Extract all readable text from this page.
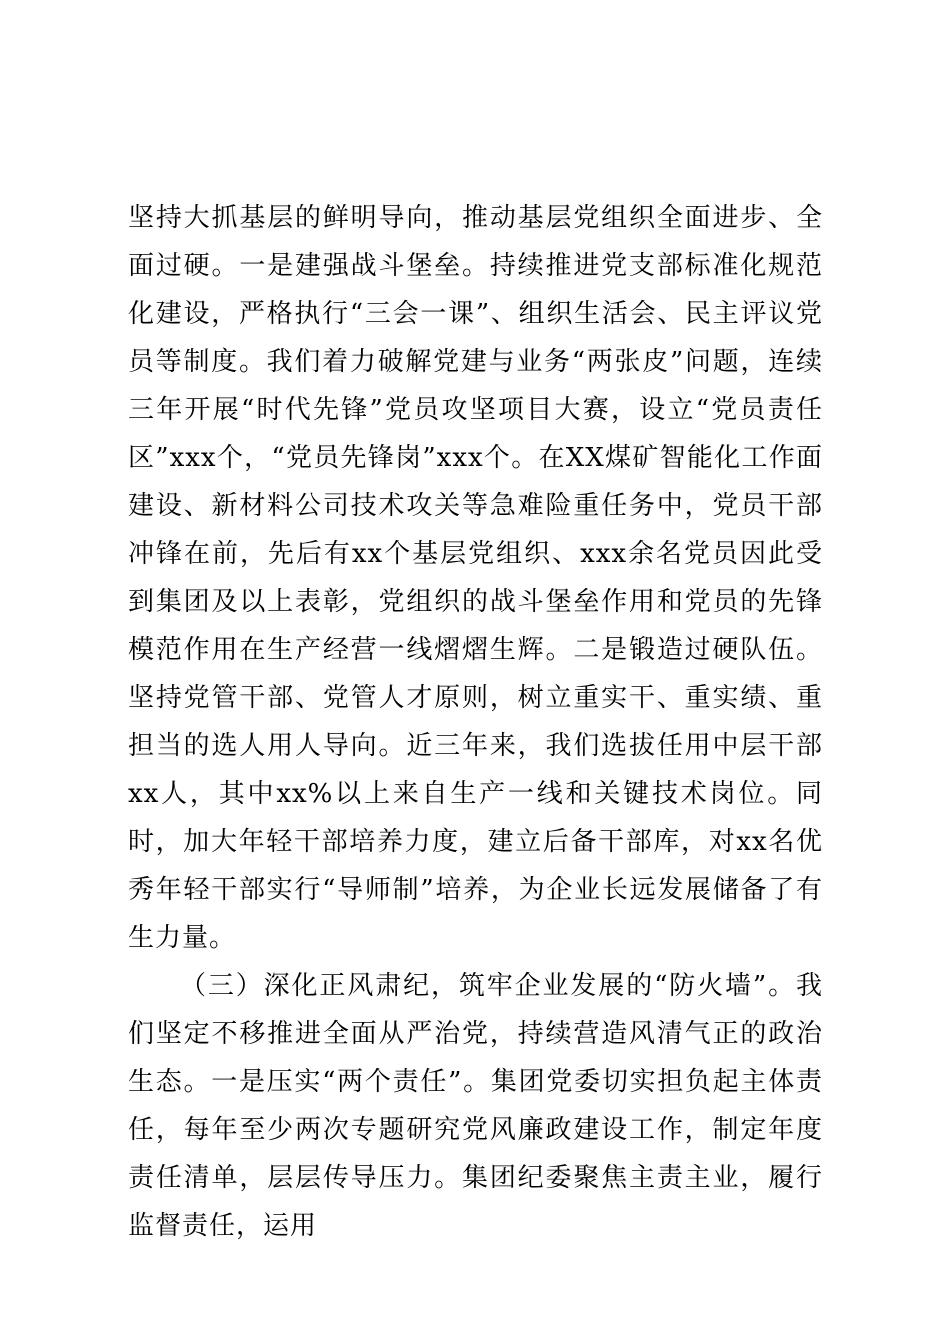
坚持大抓基层的鲜明导向，推动基层党组织全面进步、全面过硬。一是建强战斗堡垒。持续推进党支部标准化规范化建设，严格执行“三会一课”、组织生活会、民主评议党员等制度。我们着力破解党建与业务“两张皮”问题，连续三年开展“时代先锋”党员攻坚项目大赛，设立“党员责任区”xxx个，“党员先锋岗”xxx个。在XX煤矿智能化工作面建设、新材料公司技术攻关等急难险重任务中，党员干部冲锋在前，先后有xx个基层党组织、xxx余名党员因此受到集团及以上表彰，党组织的战斗堡垒作用和党员的先锋模范作用在生产经营一线熠熠生辉。二是锻造过硬队伍。坚持党管干部、党管人才原则，树立重实干、重实绩、重担当的选人用人导向。近三年来，我们选拔任用中层干部xx人，其中xx%以上来自生产一线和关键技术岗位。同时，加大年轻干部培养力度，建立后备干部库，对xx名优秀年轻干部实行“导师制”培养，为企业长远发展储备了有生力量。

（三）深化正风肃纪，筑牢企业发展的“防火墙”。我们坚定不移推进全面从严治党，持续营造风清气正的政治生态。一是压实“两个责任”。集团党委切实担负起主体责任，每年至少两次专题研究党风廉政建设工作，制定年度责任清单，层层传导压力。集团纪委聚焦主责主业，履行监督责任，运用
